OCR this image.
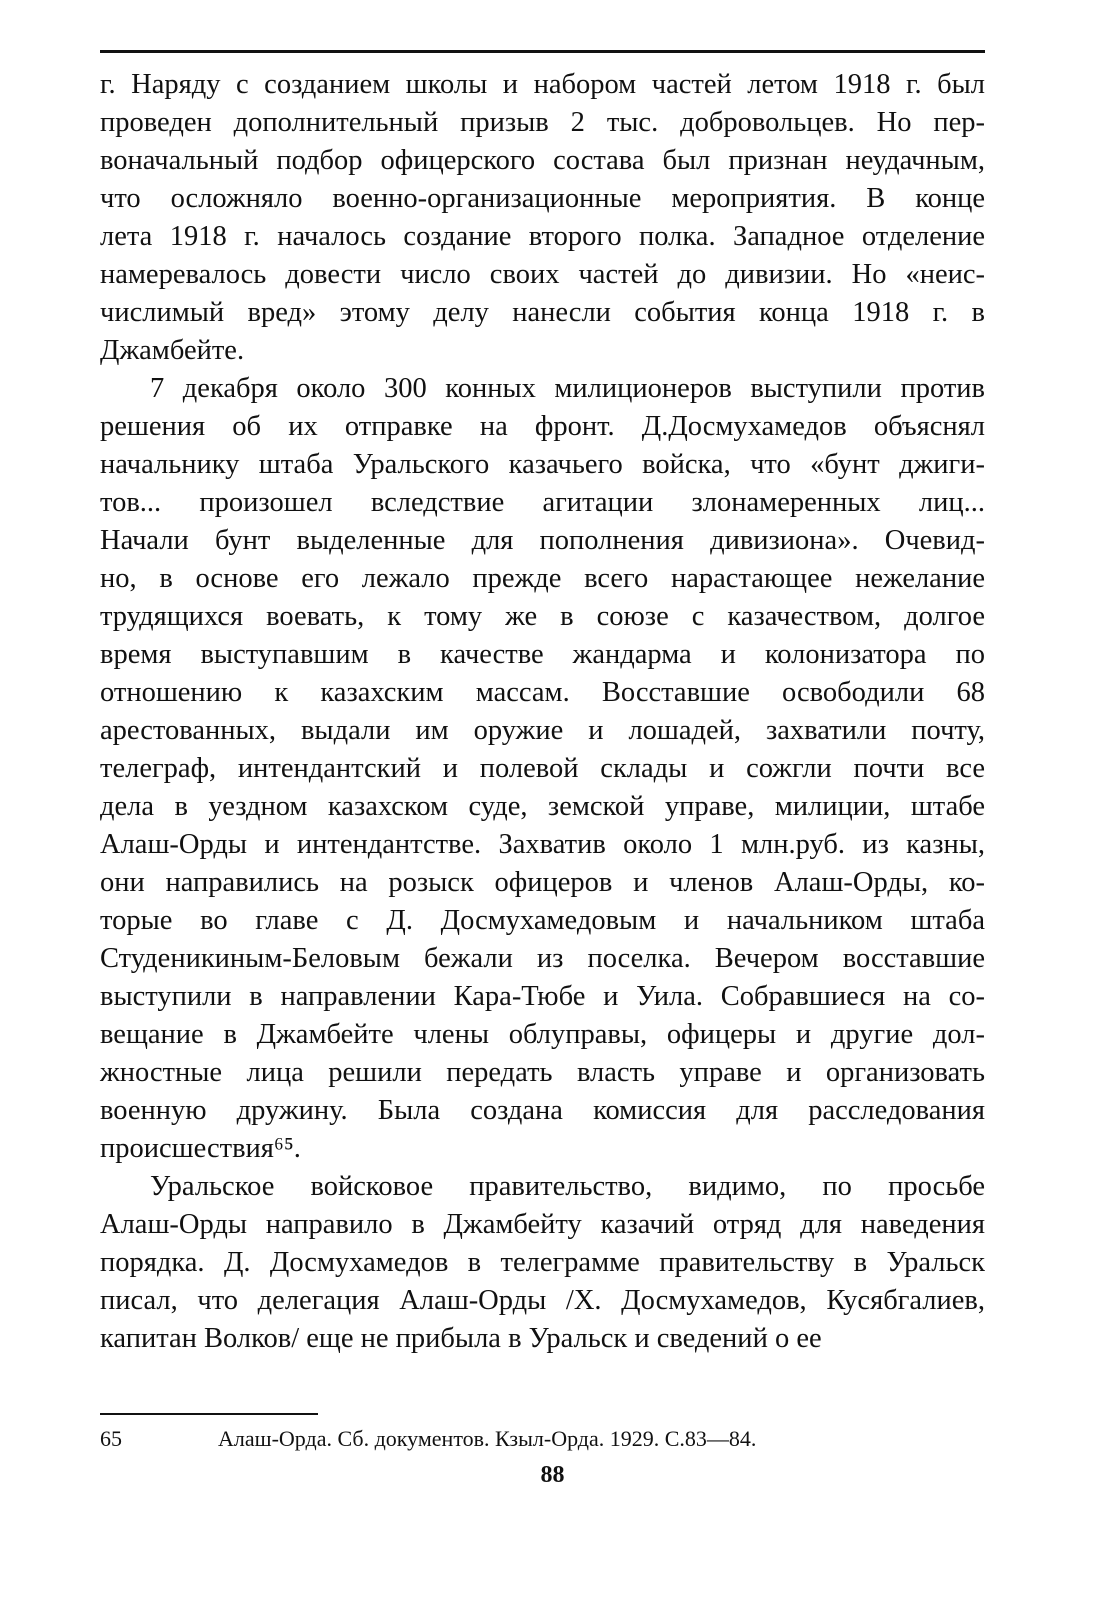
г. Наряду с созданием школы и набором частей летом 1918 г. был
проведен дополнительный призыв 2 тыс. добровольцев. Но пер-
воначальный подбор офицерского состава был признан неудачным,
что осложняло военно-организационные мероприятия. В конце
лета 1918 г. началось создание второго полка. Западное отделение
намеревалось довести число своих частей до дивизии. Но «неис-
числимый вред» этому делу нанесли события конца 1918 г. в
Джамбейте.
7 декабря около 300 конных милиционеров выступили против
решения об их отправке на фронт. Д.Досмухамедов объяснял
начальнику штаба Уральского казачьего войска, что «бунт джиги-
тов... произошел вследствие агитации злонамеренных лиц...
Начали бунт выделенные для пополнения дивизиона». Очевид-
но, в основе его лежало прежде всего нарастающее нежелание
трудящихся воевать, к тому же в союзе с казачеством, долгое
время выступавшим в качестве жандарма и колонизатора по
отношению к казахским массам. Восставшие освободили 68
арестованных, выдали им оружие и лошадей, захватили почту,
телеграф, интендантский и полевой склады и сожгли почти все
дела в уездном казахском суде, земской управе, милиции, штабе
Алаш-Орды и интендантстве. Захватив около 1 млн.руб. из казны,
они направились на розыск офицеров и членов Алаш-Орды, ко-
торые во главе с Д. Досмухамедовым и начальником штаба
Студеникиным-Беловым бежали из поселка. Вечером восставшие
выступили в направлении Кара-Тюбе и Уила. Собравшиеся на со-
вещание в Джамбейте члены облуправы, офицеры и другие дол-
жностные лица решили передать власть управе и организовать
военную дружину. Была создана комиссия для расследования
происшествия⁶⁵.
Уральское войсковое правительство, видимо, по просьбе
Алаш-Орды направило в Джамбейту казачий отряд для наведения
порядка. Д. Досмухамедов в телеграмме правительству в Уральск
писал, что делегация Алаш-Орды /Х. Досмухамедов, Кусябгалиев,
капитан Волков/ еще не прибыла в Уральск и сведений о ее
65	Алаш-Орда. Сб. документов. Кзыл-Орда. 1929. С.83—84.
88
